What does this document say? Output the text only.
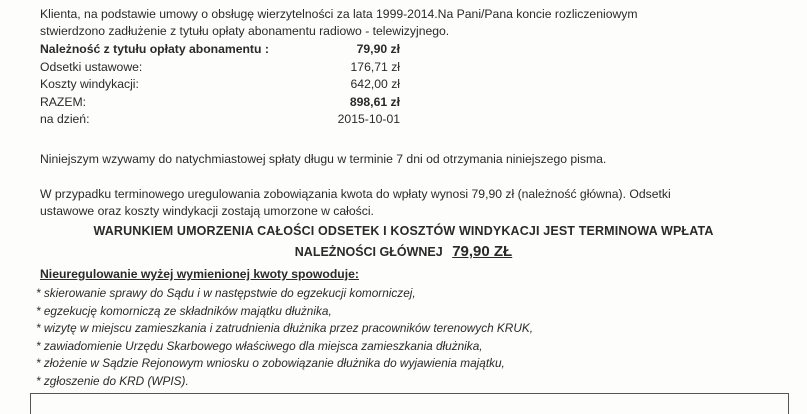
Klienta, na podstawie umowy o obsługę wierzytelności za lata 1999-2014.Na Pani/Pana koncie rozliczeniowym
stwierdzono zadłużenie z tytułu opłaty abonamentu radiowo - telewizyjnego.
Należność z tytułu opłaty abonamentu :	79,90 zł
Odsetki ustawowe:	176,71 zł
Koszty windykacji:	642,00 zł
RAZEM:	898,61 zł
na dzień:	2015-10-01
Niniejszym wzywamy do natychmiastowej spłaty długu w terminie 7 dni od otrzymania niniejszego pisma.
W przypadku terminowego uregulowania zobowiązania kwota do wpłaty wynosi 79,90 zł (należność główna). Odsetki
ustawowe oraz koszty windykacji zostają umorzone w całości.
WARUNKIEM UMORZENIA CAŁOŚCI ODSETEK I KOSZTÓW WINDYKACJI JEST TERMINOWA WPŁATA
NALEŻNOŚCI GŁÓWNEJ 79,90 ZŁ
Nieuregulowanie wyżej wymienionej kwoty spowoduje:
* skierowanie sprawy do Sądu i w następstwie do egzekucji komorniczej,
* egzekucję komorniczą ze składników majątku dłużnika,
* wizytę w miejscu zamieszkania i zatrudnienia dłużnika przez pracowników terenowych KRUK,
* zawiadomienie Urzędu Skarbowego właściwego dla miejsca zamieszkania dłużnika,
* złożenie w Sądzie Rejonowym wniosku o zobowiązanie dłużnika do wyjawienia majątku,
* zgłoszenie do KRD (WPIS).
